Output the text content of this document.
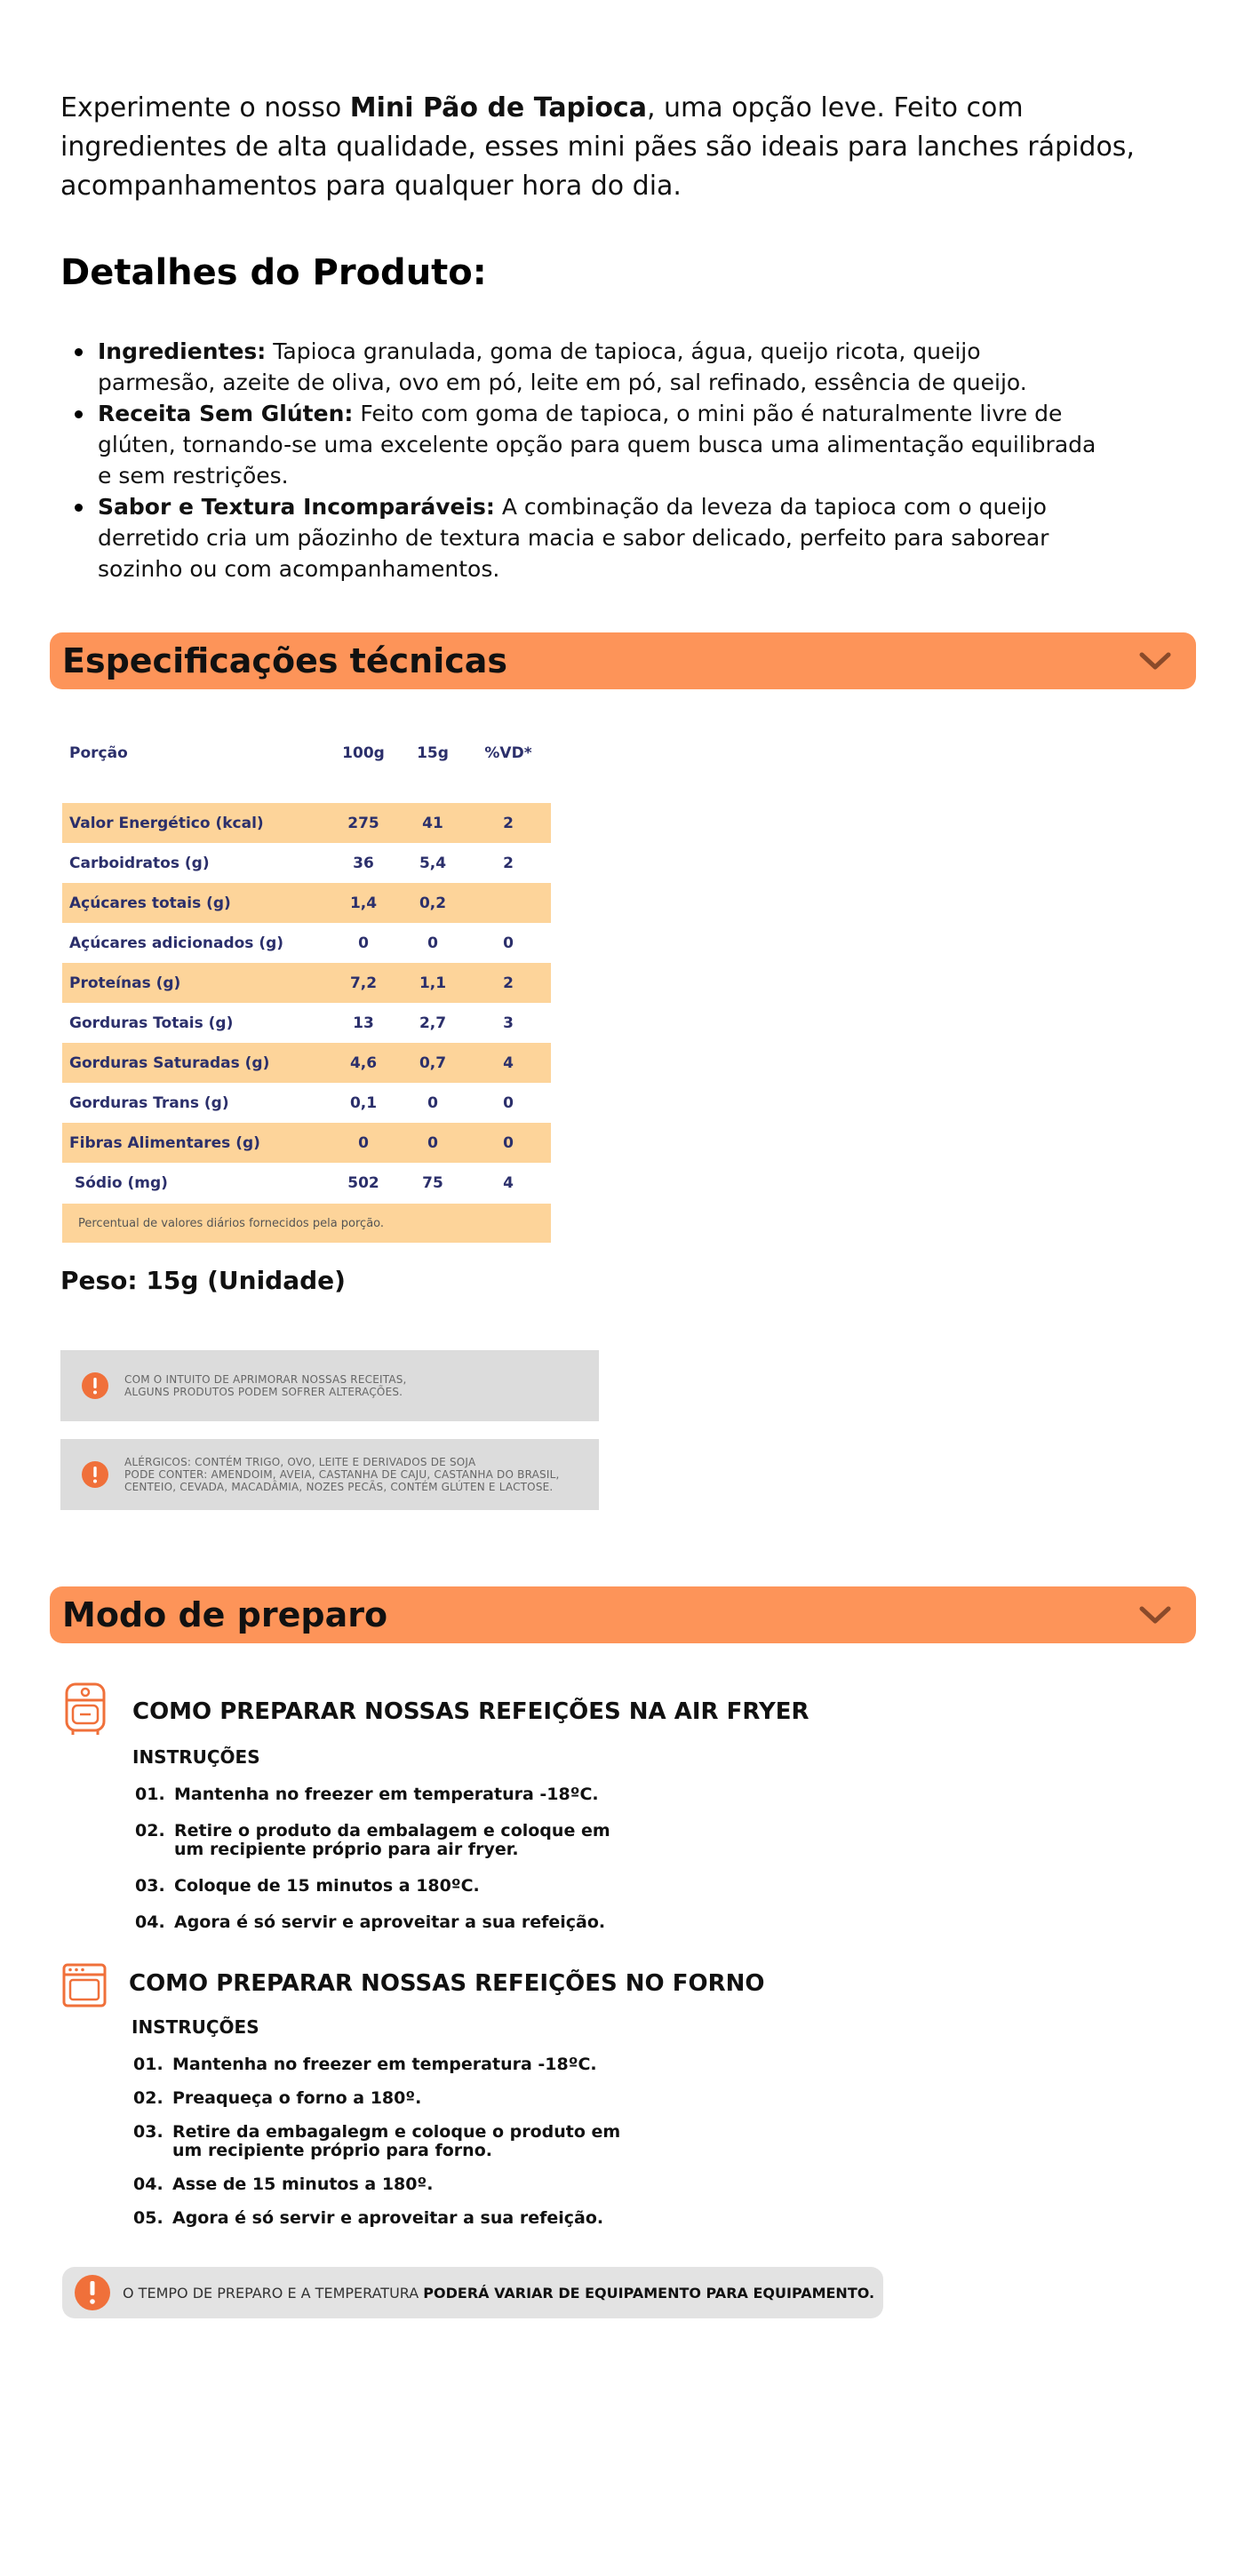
Experimente o nosso Mini Pão de Tapioca, uma opção leve. Feito com ingredientes de alta qualidade, esses mini pães são ideais para lanches rápidos, acompanhamentos para qualquer hora do dia.

Detalhes do Produto:
Ingredientes: Tapioca granulada, goma de tapioca, água, queijo ricota, queijo parmesão, azeite de oliva, ovo em pó, leite em pó, sal refinado, essência de queijo.
Receita Sem Glúten: Feito com goma de tapioca, o mini pão é naturalmente livre de glúten, tornando-se uma excelente opção para quem busca uma alimentação equilibrada e sem restrições.
Sabor e Textura Incomparáveis: A combinação da leveza da tapioca com o queijo derretido cria um pãozinho de textura macia e sabor delicado, perfeito para saborear sozinho ou com acompanhamentos.
Especificações técnicas
Porção	100g	15g	%VD*
Valor Energético (kcal)	275	41	2
Carboidratos (g)	36	5,4	2
Açúcares totais (g)	1,4	0,2
Açúcares adicionados (g)	0	0	0
Proteínas (g)	7,2	1,1	2
Gorduras Totais (g)	13	2,7	3
Gorduras Saturadas (g)	4,6	0,7	4
Gorduras Trans (g)	0,1	0	0
Fibras Alimentares (g)	0	0	0
Sódio (mg)	502	75	4
Percentual de valores diários fornecidos pela porção.
Peso: 15g (Unidade)
COM O INTUITO DE APRIMORAR NOSSAS RECEITAS,
ALGUNS PRODUTOS PODEM SOFRER ALTERAÇÕES.
ALÉRGICOS: CONTÉM TRIGO, OVO, LEITE E DERIVADOS DE SOJA
PODE CONTER: AMENDOIM, AVEIA, CASTANHA DE CAJU, CASTANHA DO BRASIL,
CENTEIO, CEVADA, MACADÂMIA, NOZES PECÃS, CONTÉM GLÚTEN E LACTOSE.
Modo de preparo
COMO PREPARAR NOSSAS REFEIÇÕES NA AIR FRYER
INSTRUÇÕES
01. Mantenha no freezer em temperatura -18ºC.
02. Retire o produto da embalagem e coloque em
um recipiente próprio para air fryer.
03. Coloque de 15 minutos a 180ºC.
04. Agora é só servir e aproveitar a sua refeição.
COMO PREPARAR NOSSAS REFEIÇÕES NO FORNO
INSTRUÇÕES
01. Mantenha no freezer em temperatura -18ºC.
02. Preaqueça o forno a 180º.
03. Retire da embagalegm e coloque o produto em
um recipiente próprio para forno.
04. Asse de 15 minutos a 180º.
05. Agora é só servir e aproveitar a sua refeição.
O TEMPO DE PREPARO E A TEMPERATURA PODERÁ VARIAR DE EQUIPAMENTO PARA EQUIPAMENTO.
